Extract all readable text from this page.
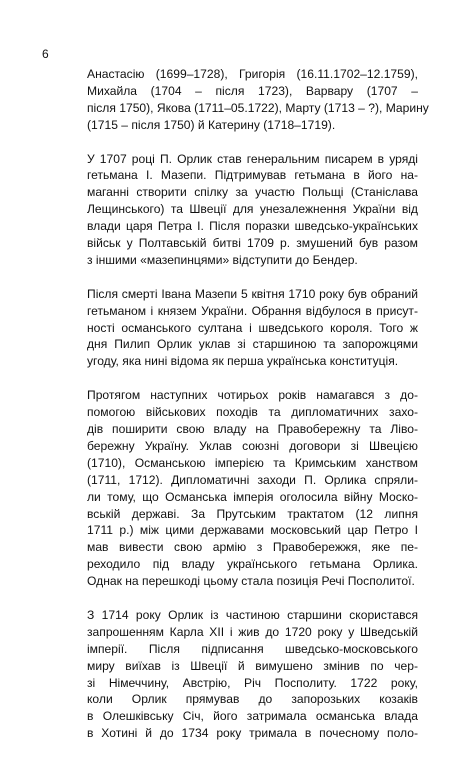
6
Анастасію (1699–1728), Григорія (16.11.1702–12.1759),
Михайла (1704 – після 1723), Варвару (1707 –
після 1750), Якова (1711–05.1722), Марту (1713 – ?), Марину
(1715 – після 1750) й Катерину (1718–1719).
У 1707 році П. Орлик став генеральним писарем в уряді
гетьмана І. Мазепи. Підтримував гетьмана в його на-
маганні створити спілку за участю Польщі (Станіслава
Лещинського) та Швеції для унезалежнення України від
влади царя Петра І. Після поразки шведсько-українських
військ у Полтавській битві 1709 р. змушений був разом
з іншими «мазепинцями» відступити до Бендер.
Після смерті Івана Мазепи 5 квітня 1710 року був обраний
гетьманом і князем України. Обрання відбулося в присут-
ності османського султана і шведського короля. Того ж
дня Пилип Орлик уклав зі старшиною та запорожцями
угоду, яка нині відома як перша українська конституція.
Протягом наступних чотирьох років намагався з до-
помогою військових походів та дипломатичних захо-
дів поширити свою владу на Правобережну та Ліво-
бережну Україну. Уклав союзні договори зі Швецією
(1710), Османською імперією та Кримським ханством
(1711, 1712). Дипломатичні заходи П. Орлика спряли-
ли тому, що Османська імперія оголосила війну Моско-
вській державі. За Прутським трактатом (12 липня
1711 р.) між цими державами московський цар Петро І
мав вивести свою армію з Правобережжя, яке пе-
реходило під владу українського гетьмана Орлика.
Однак на перешкоді цьому стала позиція Речі Посполитої.
З 1714 року Орлик із частиною старшини скористався
запрошенням Карла ХІІ і жив до 1720 року у Шведській
імперії. Після підписання шведсько-московського
миру виїхав із Швеції й вимушено змінив по чер-
зі Німеччину, Австрію, Річ Посполиту. 1722 року,
коли Орлик прямував до запорозьких козаків
в Олешківську Січ, його затримала османська влада
в Хотині й до 1734 року тримала в почесному поло-
